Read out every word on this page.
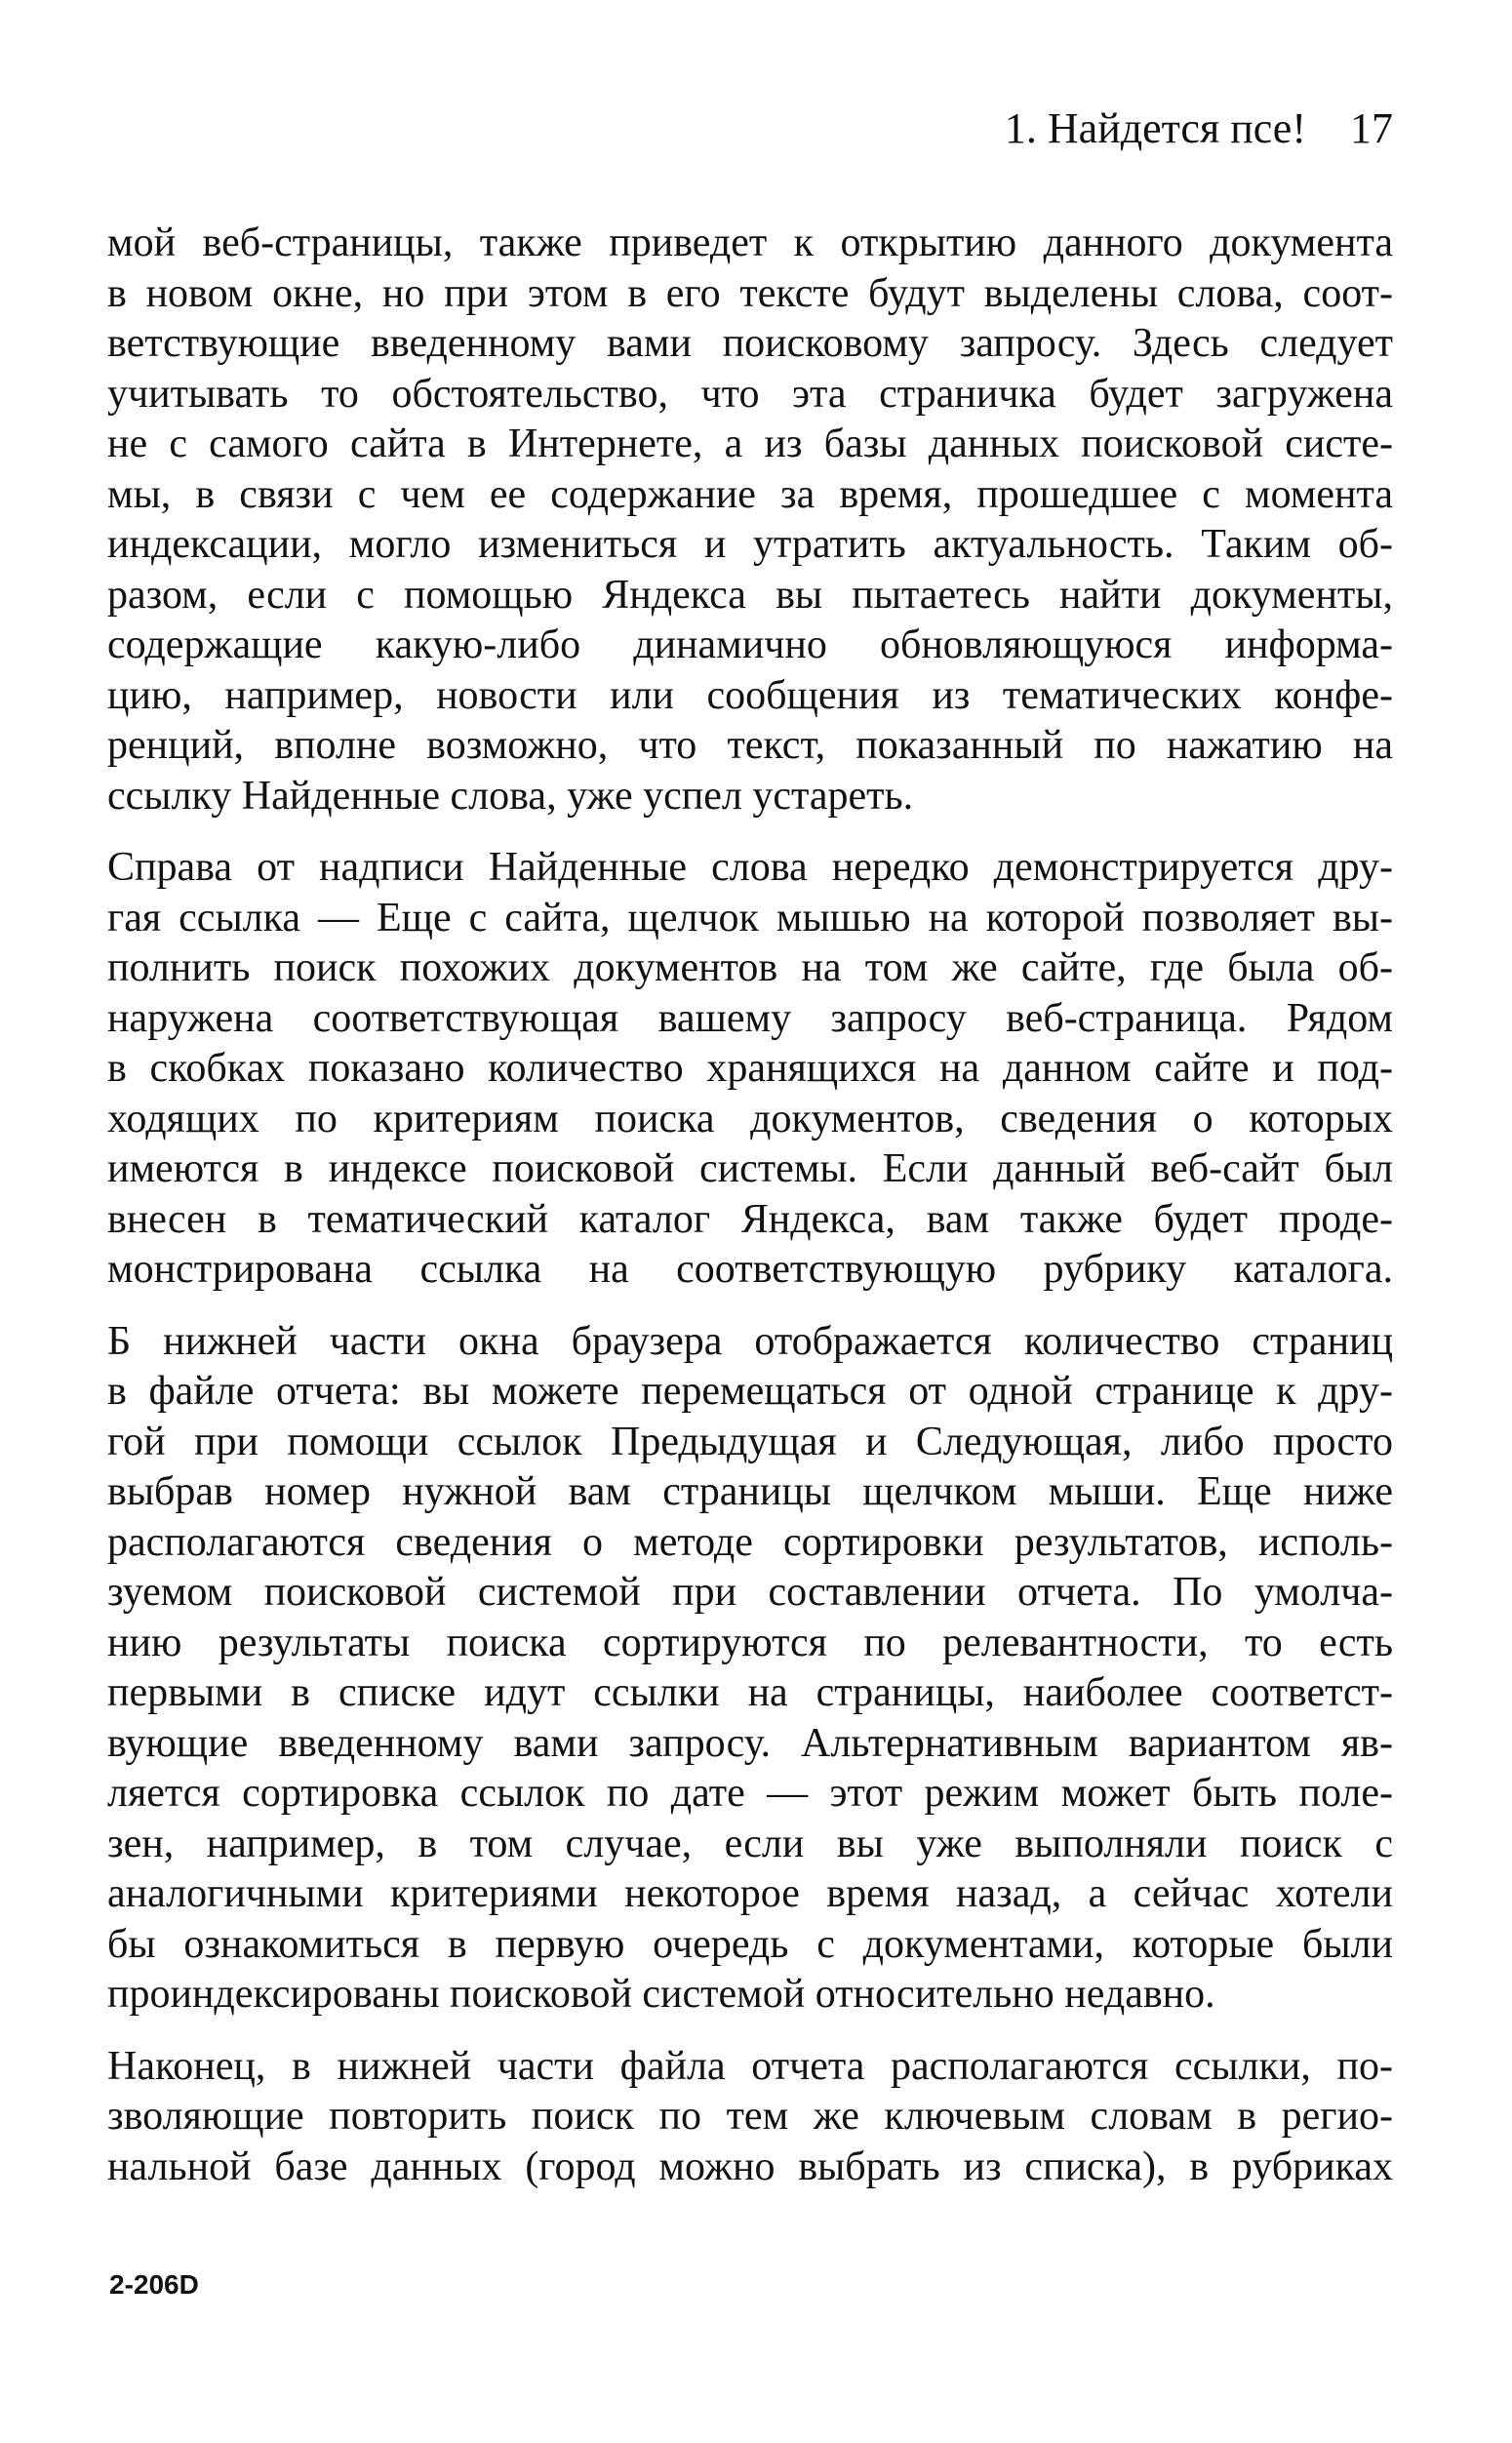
1. Найдется псе! 17
мой веб-страницы, также приведет к открытию данного документа
в новом окне, но при этом в его тексте будут выделены слова, соот-
ветствующие введенному вами поисковому запросу. Здесь следует
учитывать то обстоятельство, что эта страничка будет загружена
не с самого сайта в Интернете, а из базы данных поисковой систе-
мы, в связи с чем ее содержание за время, прошедшее с момента
индексации, могло измениться и утратить актуальность. Таким об-
разом, если с помощью Яндекса вы пытаетесь найти документы,
содержащие какую-либо динамично обновляющуюся информа-
цию, например, новости или сообщения из тематических конфе-
ренций, вполне возможно, что текст, показанный по нажатию на
ссылку Найденные слова, уже успел устареть.
Справа от надписи Найденные слова нередко демонстрируется дру-
гая ссылка — Еще с сайта, щелчок мышью на которой позволяет вы-
полнить поиск похожих документов на том же сайте, где была об-
наружена соответствующая вашему запросу веб-страница. Рядом
в скобках показано количество хранящихся на данном сайте и под-
ходящих по критериям поиска документов, сведения о которых
имеются в индексе поисковой системы. Если данный веб-сайт был
внесен в тематический каталог Яндекса, вам также будет проде-
монстрирована ссылка на соответствующую рубрику каталога.
Б нижней части окна браузера отображается количество страниц
в файле отчета: вы можете перемещаться от одной странице к дру-
гой при помощи ссылок Предыдущая и Следующая, либо просто
выбрав номер нужной вам страницы щелчком мыши. Еще ниже
располагаются сведения о методе сортировки результатов, исполь-
зуемом поисковой системой при составлении отчета. По умолча-
нию результаты поиска сортируются по релевантности, то есть
первыми в списке идут ссылки на страницы, наиболее соответст-
вующие введенному вами запросу. Альтернативным вариантом яв-
ляется сортировка ссылок по дате — этот режим может быть поле-
зен, например, в том случае, если вы уже выполняли поиск с
аналогичными критериями некоторое время назад, а сейчас хотели
бы ознакомиться в первую очередь с документами, которые были
проиндексированы поисковой системой относительно недавно.
Наконец, в нижней части файла отчета располагаются ссылки, по-
зволяющие повторить поиск по тем же ключевым словам в регио-
нальной базе данных (город можно выбрать из списка), в рубриках
2-206D
